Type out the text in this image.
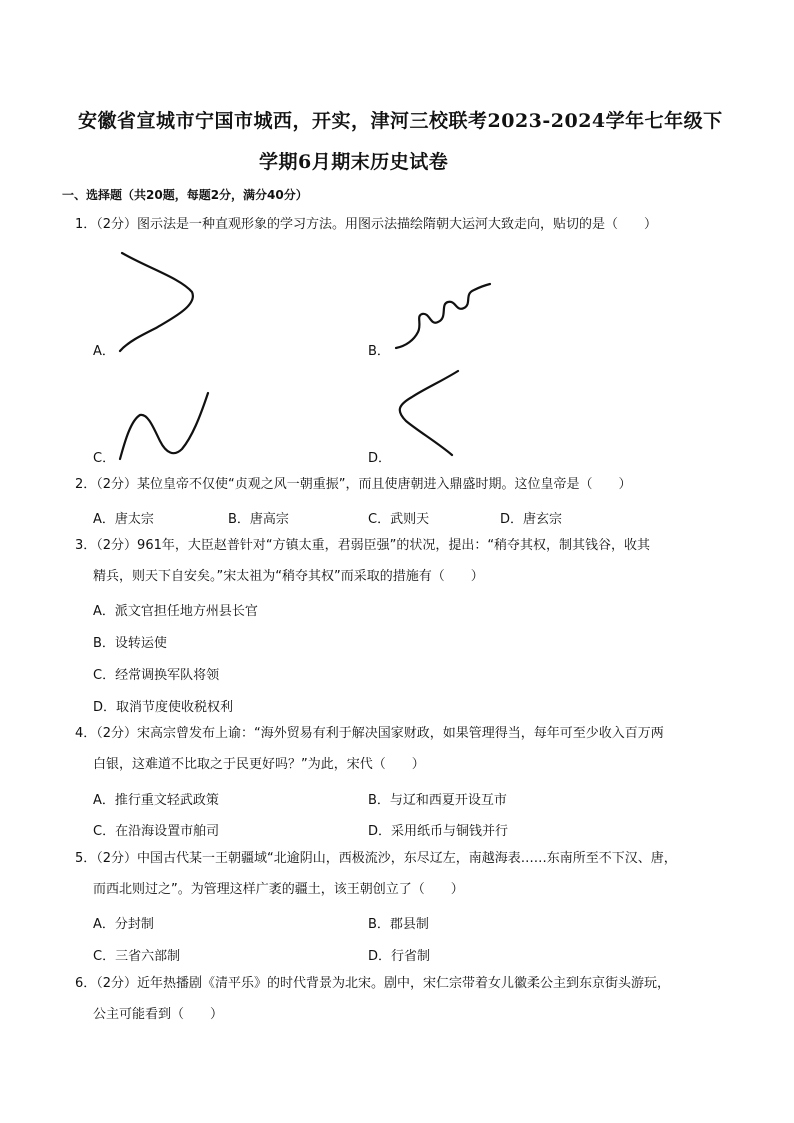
安徽省宣城市宁国市城西，开实，津河三校联考2023-2024学年七年级下
学期6月期末历史试卷
一、选择题（共20题，每题2分，满分40分）
1．（2分）图示法是一种直观形象的学习方法。用图示法描绘隋朝大运河大致走向，贴切的是（　　）
A．	B．
C．	D．
2．（2分）某位皇帝不仅使“贞观之风一朝重振”，而且使唐朝进入鼎盛时期。这位皇帝是（　　）
A．唐太宗	B．唐高宗	C．武则天	D．唐玄宗
3．（2分）961年，大臣赵普针对“方镇太重，君弱臣强”的状况，提出：“稍夺其权，制其钱谷，收其
精兵，则天下自安矣。”宋太祖为“稍夺其权”而采取的措施有（　　）
A．派文官担任地方州县长官
B．设转运使
C．经常调换军队将领
D．取消节度使收税权利
4．（2分）宋高宗曾发布上谕：“海外贸易有利于解决国家财政，如果管理得当，每年可至少收入百万两
白银，这难道不比取之于民更好吗？”为此，宋代（　　）
A．推行重文轻武政策	B．与辽和西夏开设互市
C．在沿海设置市舶司	D．采用纸币与铜钱并行
5．（2分）中国古代某一王朝疆域“北逾阴山，西极流沙，东尽辽左，南越海表……东南所至不下汉、唐，
而西北则过之”。为管理这样广袤的疆土，该王朝创立了（　　）
A．分封制	B．郡县制
C．三省六部制	D．行省制
6．（2分）近年热播剧《清平乐》的时代背景为北宋。剧中，宋仁宗带着女儿徽柔公主到东京街头游玩，
公主可能看到（　　）
